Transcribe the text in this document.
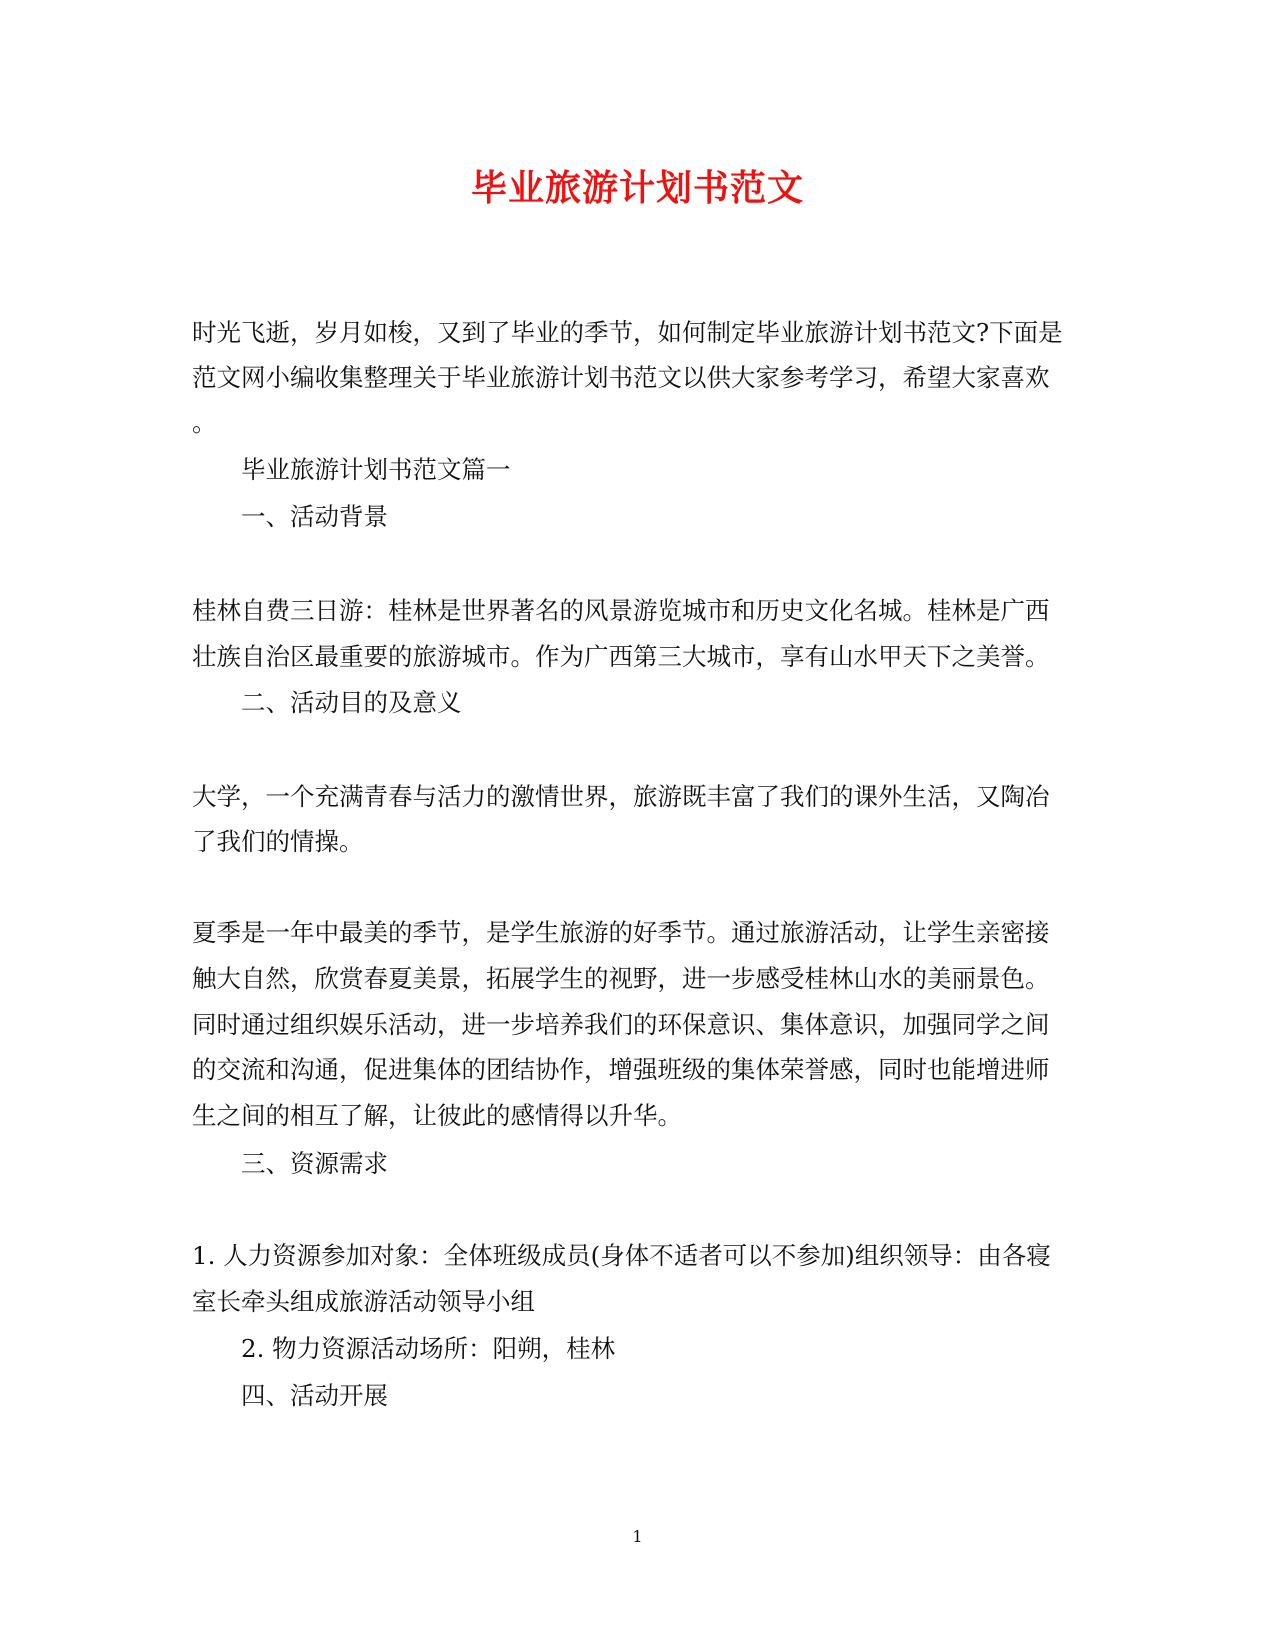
毕业旅游计划书范文
时光飞逝，岁月如梭，又到了毕业的季节，如何制定毕业旅游计划书范文?下面是
范文网小编收集整理关于毕业旅游计划书范文以供大家参考学习，希望大家喜欢
。
毕业旅游计划书范文篇一
一、活动背景
桂林自费三日游：桂林是世界著名的风景游览城市和历史文化名城。桂林是广西
壮族自治区最重要的旅游城市。作为广西第三大城市，享有山水甲天下之美誉。
二、活动目的及意义
大学，一个充满青春与活力的激情世界，旅游既丰富了我们的课外生活，又陶冶
了我们的情操。
夏季是一年中最美的季节，是学生旅游的好季节。通过旅游活动，让学生亲密接
触大自然，欣赏春夏美景，拓展学生的视野，进一步感受桂林山水的美丽景色。
同时通过组织娱乐活动，进一步培养我们的环保意识、集体意识，加强同学之间
的交流和沟通，促进集体的团结协作，增强班级的集体荣誉感，同时也能增进师
生之间的相互了解，让彼此的感情得以升华。
三、资源需求
1. 人力资源参加对象：全体班级成员(身体不适者可以不参加)组织领导：由各寝
室长牵头组成旅游活动领导小组
2. 物力资源活动场所：阳朔，桂林
四、活动开展
1
